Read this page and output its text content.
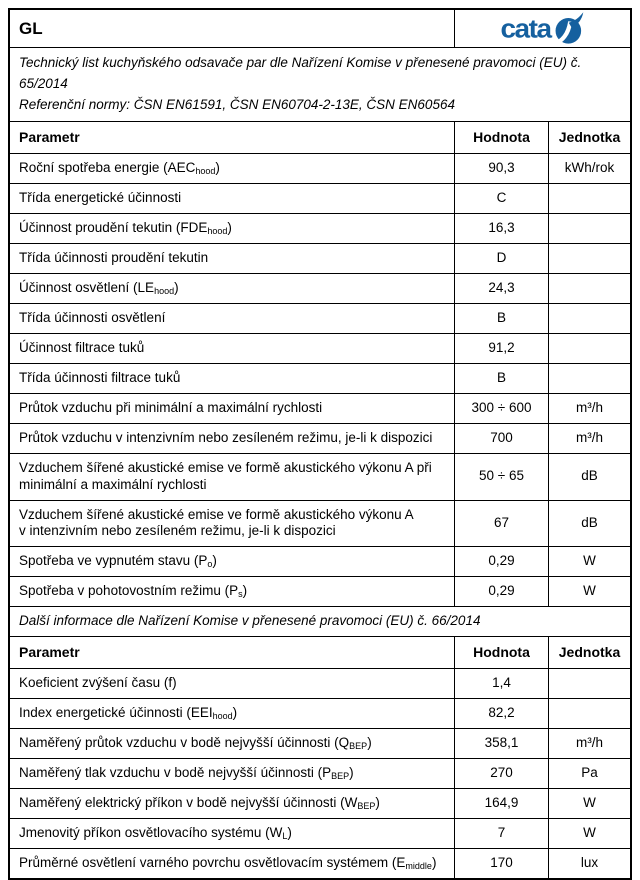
GL	cata
Technický list kuchyňského odsavače par dle Nařízení Komise v přenesené pravomoci (EU) č. 65/2014
Referenční normy: ČSN EN61591, ČSN EN60704-2-13E, ČSN EN60564
Parametr	Hodnota	Jednotka
Roční spotřeba energie $(AEC_{hood})$	90,3	kWh/rok
Třída energetické účinnosti	C
Účinnost proudění tekutin $(FDE_{hood})$	16,3
Třída účinnosti proudění tekutin	D
Účinnost osvětlení $(LE_{hood})$	24,3
Třída účinnosti osvětlení	B
Účinnost filtrace tuků	91,2
Třída účinnosti filtrace tuků	B
Průtok vzduchu při minimální a maximální rychlosti	300 ÷ 600	m³/h
Průtok vzduchu v intenzivním nebo zesíleném režimu, je-li k dispozici	700	m³/h
Vzduchem šířené akustické emise ve formě akustického výkonu A při
minimální a maximální rychlosti
50 ÷ 65	dB
Vzduchem šířené akustické emise ve formě akustického výkonu A
v intenzivním nebo zesíleném režimu, je-li k dispozici
67	dB
Spotřeba ve vypnutém stavu $(P_o)$	0,29	W
Spotřeba v pohotovostním režimu $(P_s)$	0,29	W
Další informace dle Nařízení Komise v přenesené pravomoci (EU) č. 66/2014
Parametr	Hodnota	Jednotka
Koeficient zvýšení času (f)	1,4
Index energetické účinnosti $(EEI_{hood})$	82,2
Naměřený průtok vzduchu v bodě nejvyšší účinnosti $(Q_{BEP})$	358,1	m³/h
Naměřený tlak vzduchu v bodě nejvyšší účinnosti $(P_{BEP})$	270	Pa
Naměřený elektrický příkon v bodě nejvyšší účinnosti $(W_{BEP})$	164,9	W
Jmenovitý příkon osvětlovacího systému $(W_L)$	7	W
Průměrné osvětlení varného povrchu osvětlovacím systémem $(E_{middle})$	170	lux
